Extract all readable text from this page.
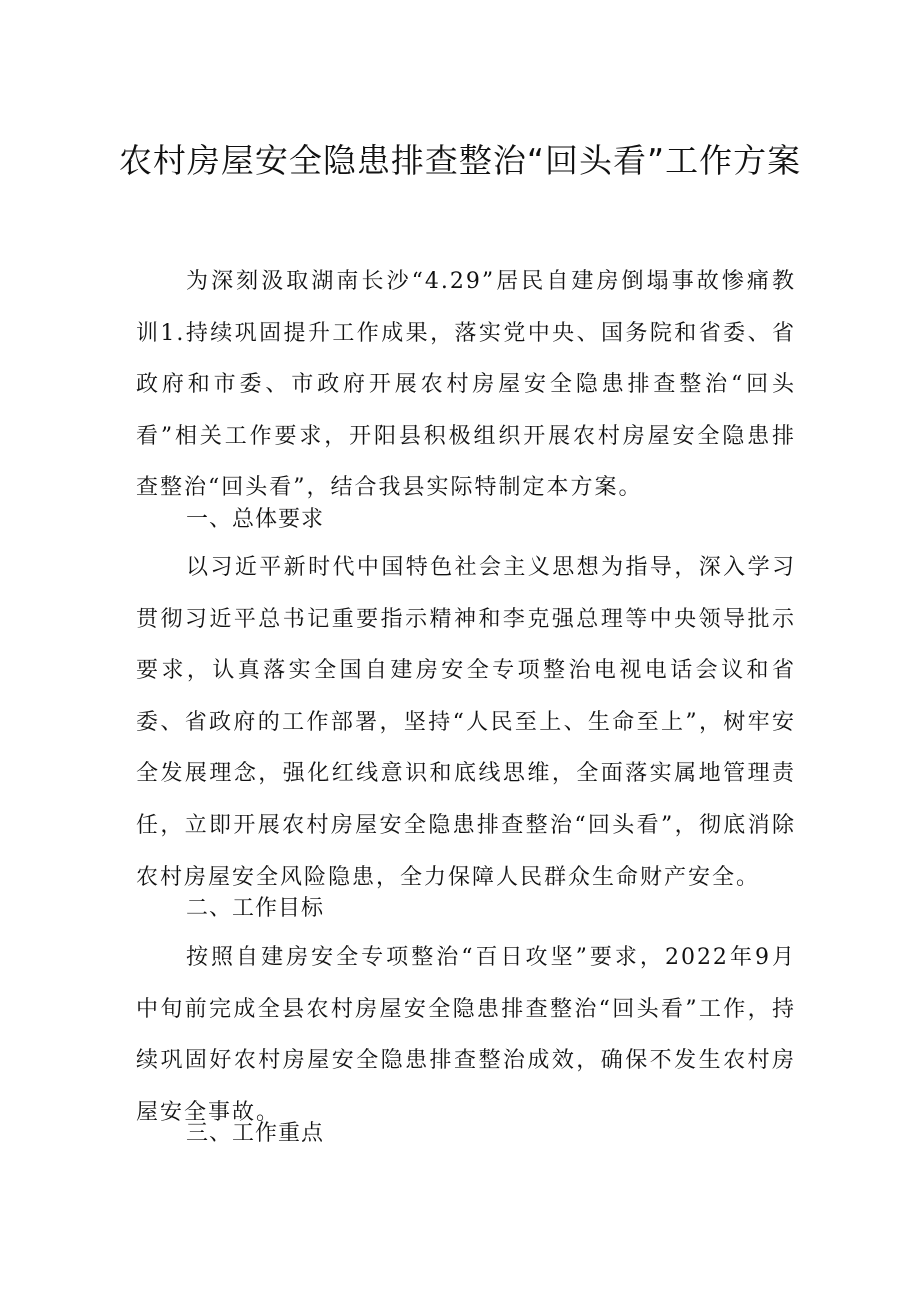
农村房屋安全隐患排查整治“回头看”工作方案

为深刻汲取湖南长沙“4.29”居民自建房倒塌事故惨痛教训1.持续巩固提升工作成果，落实党中央、国务院和省委、省政府和市委、市政府开展农村房屋安全隐患排查整治“回头看”相关工作要求，开阳县积极组织开展农村房屋安全隐患排查整治“回头看”，结合我县实际特制定本方案。

一、总体要求

以习近平新时代中国特色社会主义思想为指导，深入学习贯彻习近平总书记重要指示精神和李克强总理等中央领导批示要求，认真落实全国自建房安全专项整治电视电话会议和省委、省政府的工作部署，坚持“人民至上、生命至上”，树牢安全发展理念，强化红线意识和底线思维，全面落实属地管理责任，立即开展农村房屋安全隐患排查整治“回头看”，彻底消除农村房屋安全风险隐患，全力保障人民群众生命财产安全。

二、工作目标

按照自建房安全专项整治“百日攻坚”要求，2022年9月中旬前完成全县农村房屋安全隐患排查整治“回头看”工作，持续巩固好农村房屋安全隐患排查整治成效，确保不发生农村房屋安全事故。

三、工作重点
